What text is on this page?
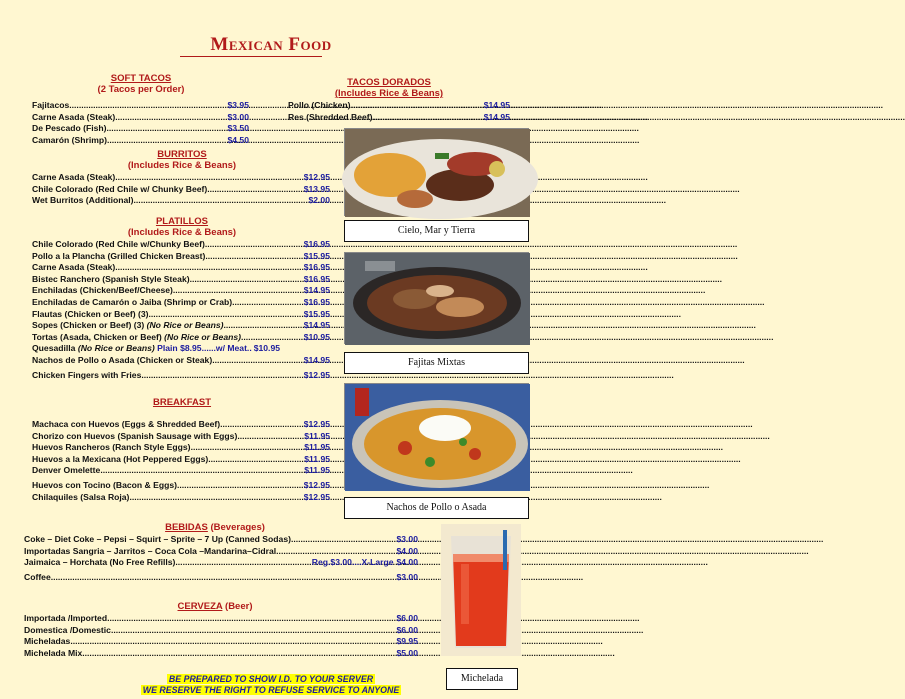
Mexican Food
SOFT TACOS
(2 Tacos per Order)
Fajitacos .....	$3.95
Carne Asada (Steak) .....	$3.00
De Pescado (Fish) .....	$3.50
Camarón (Shrimp) .....	$4.50
TACOS DORADOS
(Includes Rice & Beans)
Pollo (Chicken) .....	$14.95
Res (Shredded Beef) .....	$14.95
BURRITOS
(Includes Rice & Beans)
Carne Asada (Steak) .....	$12.95
Chile Colorado (Red Chile w/ Chunky Beef) .....	$13.95
Wet Burritos (Additional) .....	$2.00
PLATILLOS
(Includes Rice & Beans)
Chile Colorado (Red Chile w/Chunky Beef) .....	$16.95
Pollo a la Plancha (Grilled Chicken Breast) .....	$15.95
Carne Asada (Steak) .....	$16.95
Bistec Ranchero (Spanish Style Steak) .....	$16.95
Enchiladas (Chicken/Beef/Cheese) .....	$14.95
Enchiladas de Camarón o Jaiba (Shrimp or Crab) .....	$16.95
Flautas (Chicken or Beef) (3) .....	$15.95
Sopes (Chicken or Beef) (3) (No Rice or Beans) .....	$14.95
Tortas (Asada, Chicken or Beef) (No Rice or Beans) .....	$10.95
Quesadilla (No Rice or Beans) Plain $8.95......w/ Meat.. $10.95
Nachos de Pollo o Asada (Chicken or Steak) .....	$14.95
Chicken Fingers with Fries .....	$12.95
BREAKFAST
Machaca con Huevos (Eggs & Shredded Beef) .....	$12.95
Chorizo con Huevos (Spanish Sausage with Eggs) .....	$11.95
Huevos Rancheros (Ranch Style Eggs) .....	$11.95
Huevos a la Mexicana (Hot Peppered Eggs) .....	$11.95
Denver Omelette .....	$11.95
Huevos con Tocino (Bacon & Eggs) .....	$12.95
Chilaquiles (Salsa Roja) .....	$12.95
BEBIDAS (Beverages)
Coke – Diet Coke – Pepsi – Squirt – Sprite – 7 Up (Canned Sodas) .....	$3.00
Importadas Sangria – Jarritos – Coca Cola –Mandarina–Cidral .....	$4.00
Jaimaica – Horchata (No Free Refills) .....	Reg.$3.00....X-Large $4.00
Coffee .....	$3.00
CERVEZA (Beer)
Importada /Imported .....	$6.00
Domestica /Domestic .....	$6.00
Micheladas .....	$9.95
Michelada Mix .....	$5.00
Cielo, Mar y Tierra
Fajitas Mixtas
Nachos de Pollo o Asada
Michelada
BE PREPARED TO SHOW I.D. TO YOUR SERVER
WE RESERVE THE RIGHT TO REFUSE SERVICE TO ANYONE
